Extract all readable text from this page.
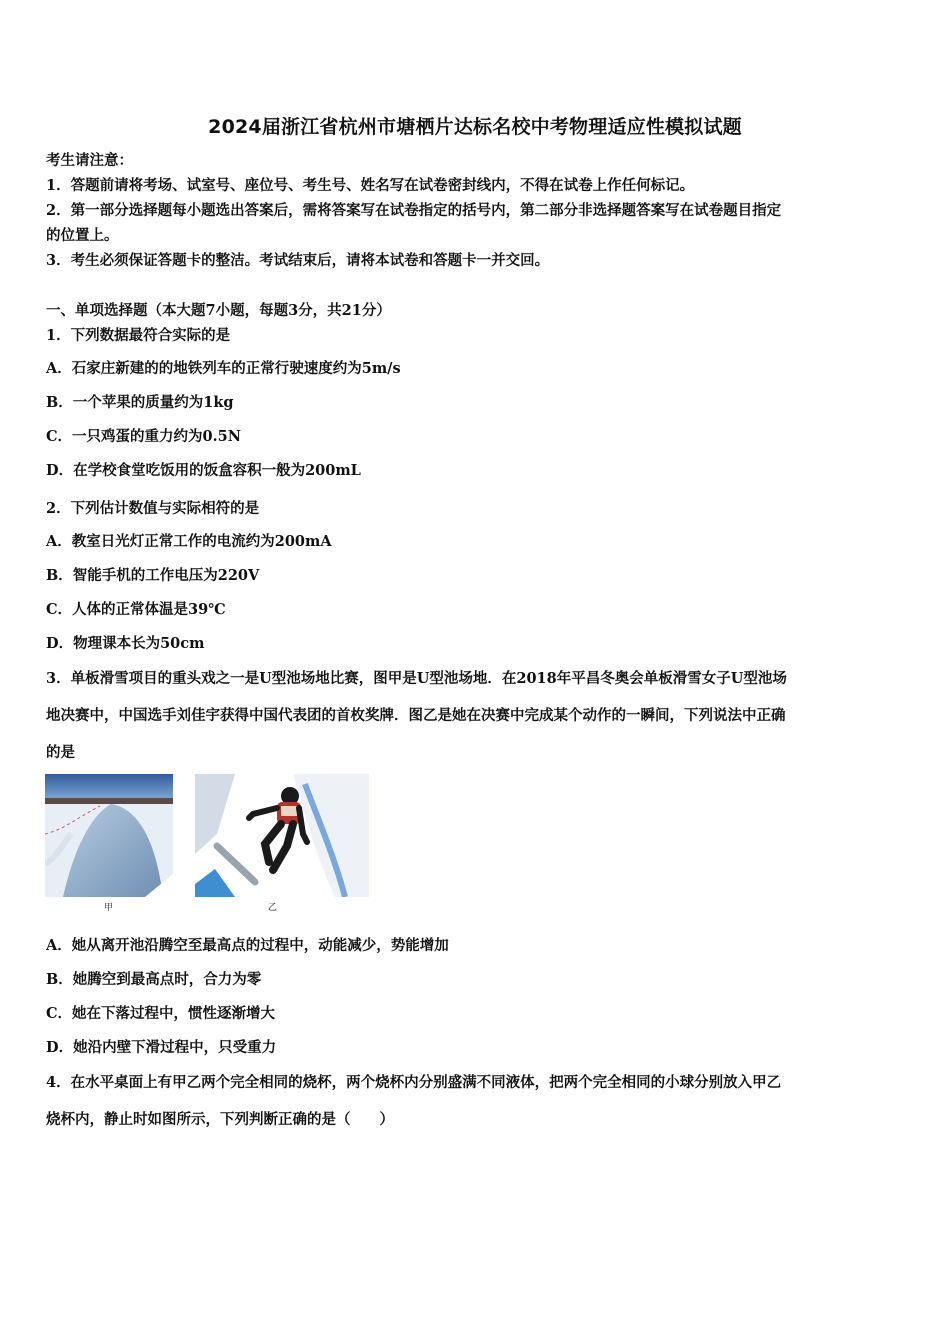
2024届浙江省杭州市塘栖片达标名校中考物理适应性模拟试题
考生请注意：
1．答题前请将考场、试室号、座位号、考生号、姓名写在试卷密封线内，不得在试卷上作任何标记。
2．第一部分选择题每小题选出答案后，需将答案写在试卷指定的括号内，第二部分非选择题答案写在试卷题目指定
的位置上。
3．考生必须保证答题卡的整洁。考试结束后，请将本试卷和答题卡一并交回。
一、单项选择题（本大题7小题，每题3分，共21分）
1．下列数据最符合实际的是
A．石家庄新建的的地铁列车的正常行驶速度约为5m/s
B．一个苹果的质量约为1kg
C．一只鸡蛋的重力约为0.5N
D．在学校食堂吃饭用的饭盒容积一般为200mL
2．下列估计数值与实际相符的是
A．教室日光灯正常工作的电流约为200mA
B．智能手机的工作电压为220V
C．人体的正常体温是39℃
D．物理课本长为50cm
3．单板滑雪项目的重头戏之一是U型池场地比赛，图甲是U型池场地．在2018年平昌冬奥会单板滑雪女子U型池场
地决赛中，中国选手刘佳宇获得中国代表团的首枚奖牌．图乙是她在决赛中完成某个动作的一瞬间，下列说法中正确
的是
甲	乙
A．她从离开池沿腾空至最高点的过程中，动能减少，势能增加
B．她腾空到最高点时，合力为零
C．她在下落过程中，惯性逐渐增大
D．她沿内壁下滑过程中，只受重力
4．在水平桌面上有甲乙两个完全相同的烧杯，两个烧杯内分别盛满不同液体，把两个完全相同的小球分别放入甲乙
烧杯内，静止时如图所示，下列判断正确的是（　　）
